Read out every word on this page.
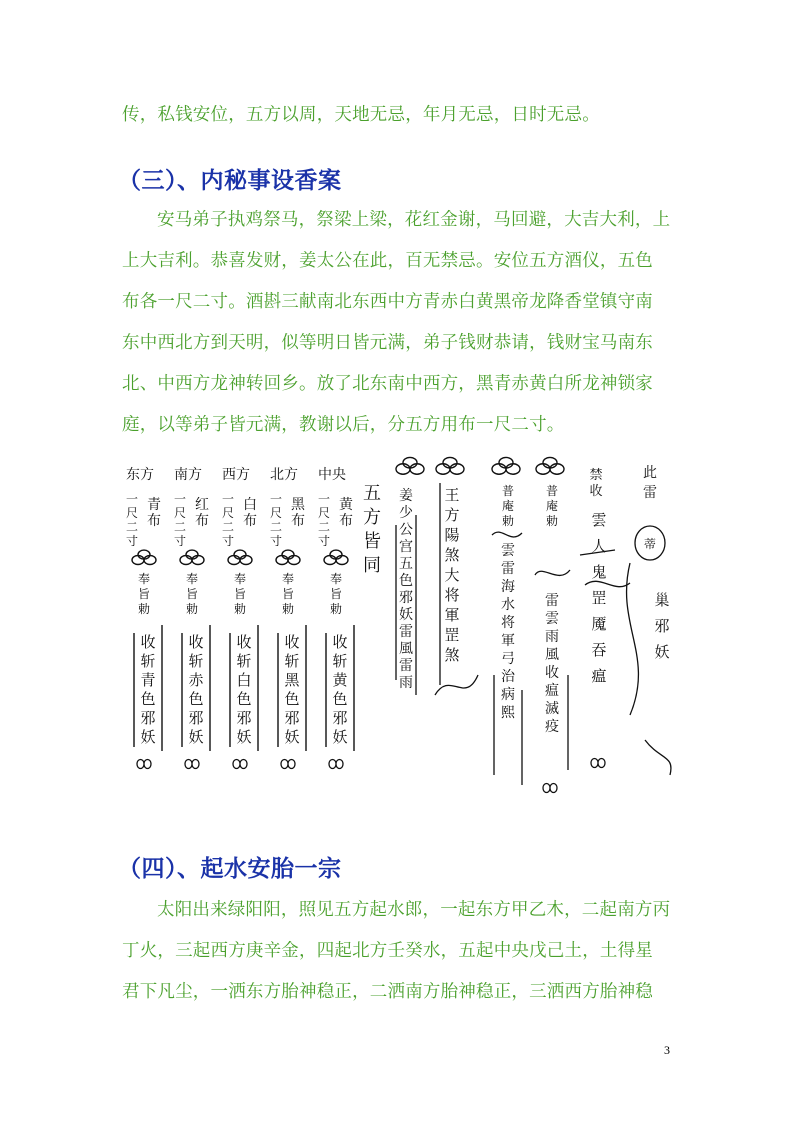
传，私钱安位，五方以周，天地无忌，年月无忌，日时无忌。

（三）、内秘事设香案

安马弟子执鸡祭马，祭梁上梁，花红金谢，马回避，大吉大利，上
上大吉利。恭喜发财，姜太公在此，百无禁忌。安位五方酒仪，五色
布各一尺二寸。酒斟三献南北东西中方青赤白黄黑帝龙降香堂镇守南
东中西北方到天明，似等明日皆元满，弟子钱财恭请，钱财宝马南东
北、中西方龙神转回乡。放了北东南中西方，黑青赤黄白所龙神锁家
庭，以等弟子皆元满，教谢以后，分五方用布一尺二寸。

东方
青
布
一
尺
二
寸
奉
旨
勅
收
斩
青
色
邪
妖
南方
红
布
一
尺
二
寸
奉
旨
勅
收
斩
赤
色
邪
妖
西方
白
布
一
尺
二
寸
奉
旨
勅
收
斩
白
色
邪
妖
北方
黑
布
一
尺
二
寸
奉
旨
勅
收
斩
黑
色
邪
妖
中央
黄
布
一
尺
二
寸
奉
旨
勅
收
斩
黄
色
邪
妖
五
方
皆
同
姜
少
公
宫
五
色
邪
妖
雷
風
雷
雨
王
方
陽
煞
大
将
軍
罡
煞
普
庵
勅
雲
雷
海
水
将
軍
弓
治
病
熙
普
庵
勅
雷
雲
雨
風
收
瘟
滅
疫
禁
收
雲
人
鬼
罡
魇
吞
瘟
此
雷
蒂
巢
邪
妖
（四）、起水安胎一宗

太阳出来绿阳阳，照见五方起水郎，一起东方甲乙木，二起南方丙
丁火，三起西方庚辛金，四起北方壬癸水，五起中央戊己土，土得星
君下凡尘，一洒东方胎神稳正，二洒南方胎神稳正，三洒西方胎神稳

3
